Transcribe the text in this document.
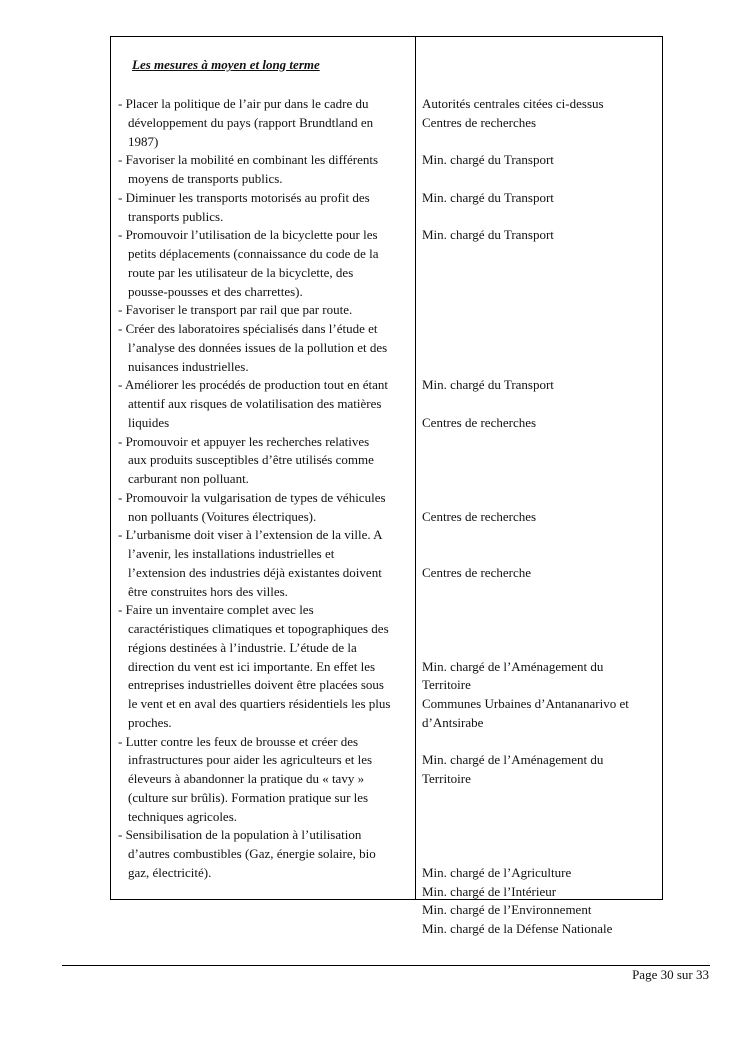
Les mesures à moyen et long terme
- Placer la politique de l’air pur dans le cadre du
développement du pays (rapport Brundtland en
1987)
- Favoriser la mobilité en combinant les différents
moyens de transports publics.
- Diminuer les transports motorisés au profit des
transports publics.
- Promouvoir l’utilisation de la bicyclette pour les
petits déplacements (connaissance du code de la
route par les utilisateur de la bicyclette, des
pousse-pousses et des charrettes).
- Favoriser le transport par rail que par route.
- Créer des laboratoires spécialisés dans l’étude et
l’analyse des données issues de la pollution et des
nuisances industrielles.
- Améliorer les procédés de production tout en étant
attentif aux risques de volatilisation des matières
liquides
- Promouvoir et appuyer les recherches relatives
aux produits susceptibles d’être utilisés comme
carburant non polluant.
- Promouvoir la vulgarisation de types de véhicules
non polluants (Voitures électriques).
- L’urbanisme doit viser à l’extension de la ville. A
l’avenir, les installations industrielles et
l’extension des industries déjà existantes doivent
être construites hors des villes.
- Faire un inventaire complet avec les
caractéristiques climatiques et topographiques des
régions destinées à l’industrie. L’étude de la
direction du vent est ici importante. En effet les
entreprises industrielles doivent être placées sous
le vent et en aval des quartiers résidentiels les plus
proches.
- Lutter contre les feux de brousse et créer des
infrastructures pour aider les agriculteurs et les
éleveurs à abandonner la pratique du « tavy »
(culture sur brûlis). Formation pratique sur les
techniques agricoles.
- Sensibilisation de la population à l’utilisation
d’autres combustibles (Gaz, énergie solaire, bio
gaz, électricité).
Autorités centrales citées ci-dessus
Centres de recherches
Min. chargé du Transport
Min. chargé du Transport
Min. chargé du Transport
Min. chargé du Transport
Centres de recherches
Centres de recherches
Centres de recherche
Min. chargé de l’Aménagement du
Territoire
Communes Urbaines d’Antananarivo et
d’Antsirabe
Min. chargé de l’Aménagement du
Territoire
Min. chargé de l’Agriculture
Min. chargé de l’Intérieur
Min. chargé de l’Environnement
Min. chargé de la Défense Nationale
Page 30 sur 33
